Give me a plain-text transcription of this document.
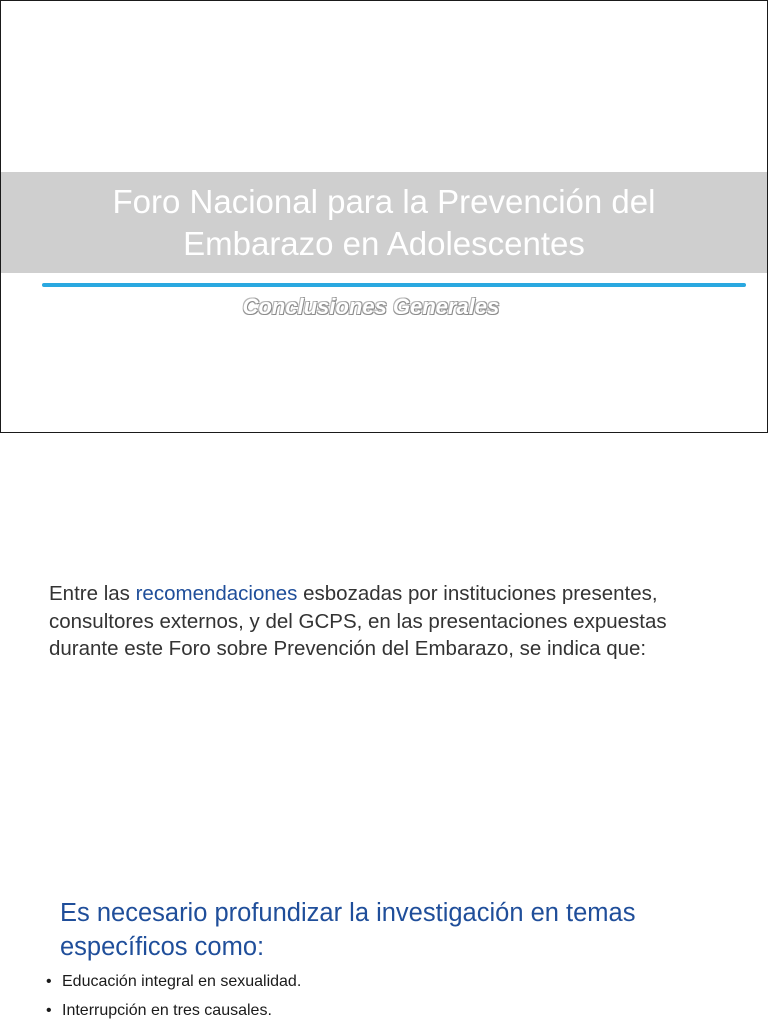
Foro Nacional para la Prevención del
Embarazo en Adolescentes
Conclusiones Generales

Entre las recomendaciones esbozadas por instituciones presentes, consultores externos, y del GCPS, en las presentaciones expuestas durante este Foro sobre Prevención del Embarazo, se indica que:

Es necesario profundizar la investigación en temas específicos como:
• Educación integral en sexualidad.
• Interrupción en tres causales.
